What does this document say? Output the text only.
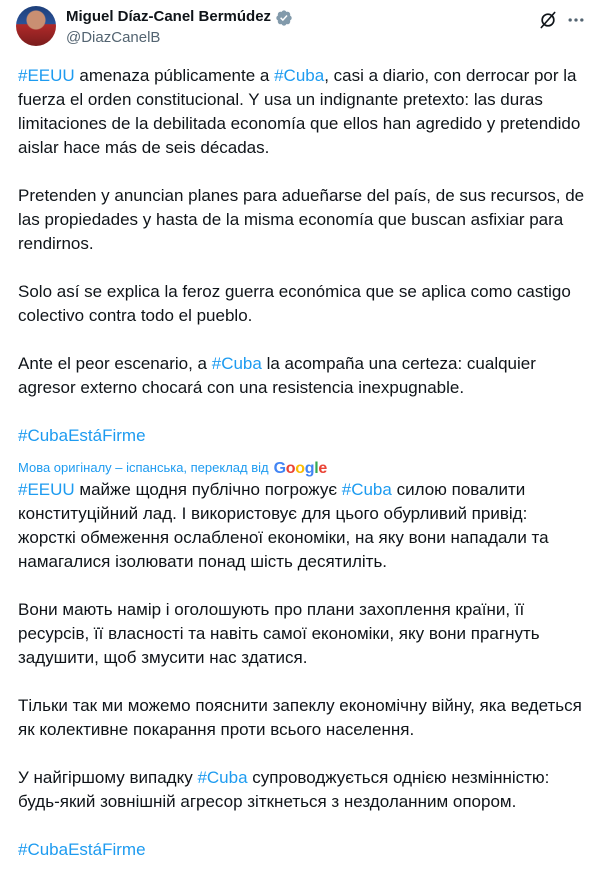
Miguel Díaz-Canel Bermúdez
@DiazCanelB

#EEUU amenaza públicamente a #Cuba, casi a diario, con derrocar por la fuerza el orden constitucional. Y usa un indignante pretexto: las duras limitaciones de la debilitada economía que ellos han agredido y pretendido aislar hace más de seis décadas.

Pretenden y anuncian planes para adueñarse del país, de sus recursos, de las propiedades y hasta de la misma economía que buscan asfixiar para rendirnos.

Solo así se explica la feroz guerra económica que se aplica como castigo colectivo contra todo el pueblo.

Ante el peor escenario, a #Cuba la acompaña una certeza: cualquier agresor externo chocará con una resistencia inexpugnable.

#CubaEstáFirme

Мова оригіналу – іспанська, переклад від G o o g l e

#EEUU майже щодня публічно погрожує #Cuba силою повалити конституційний лад. І використовує для цього обурливий привід: жорсткі обмеження ослабленої економіки, на яку вони нападали та намагалися ізолювати понад шість десятиліть.

Вони мають намір і оголошують про плани захоплення країни, її ресурсів, її власності та навіть самої економіки, яку вони прагнуть задушити, щоб змусити нас здатися.

Тільки так ми можемо пояснити запеклу економічну війну, яка ведеться як колективне покарання проти всього населення.

У найгіршому випадку #Cuba супроводжується однією незмінністю: будь-який зовнішній агресор зіткнеться з нездоланним опором.

#CubaEstáFirme
